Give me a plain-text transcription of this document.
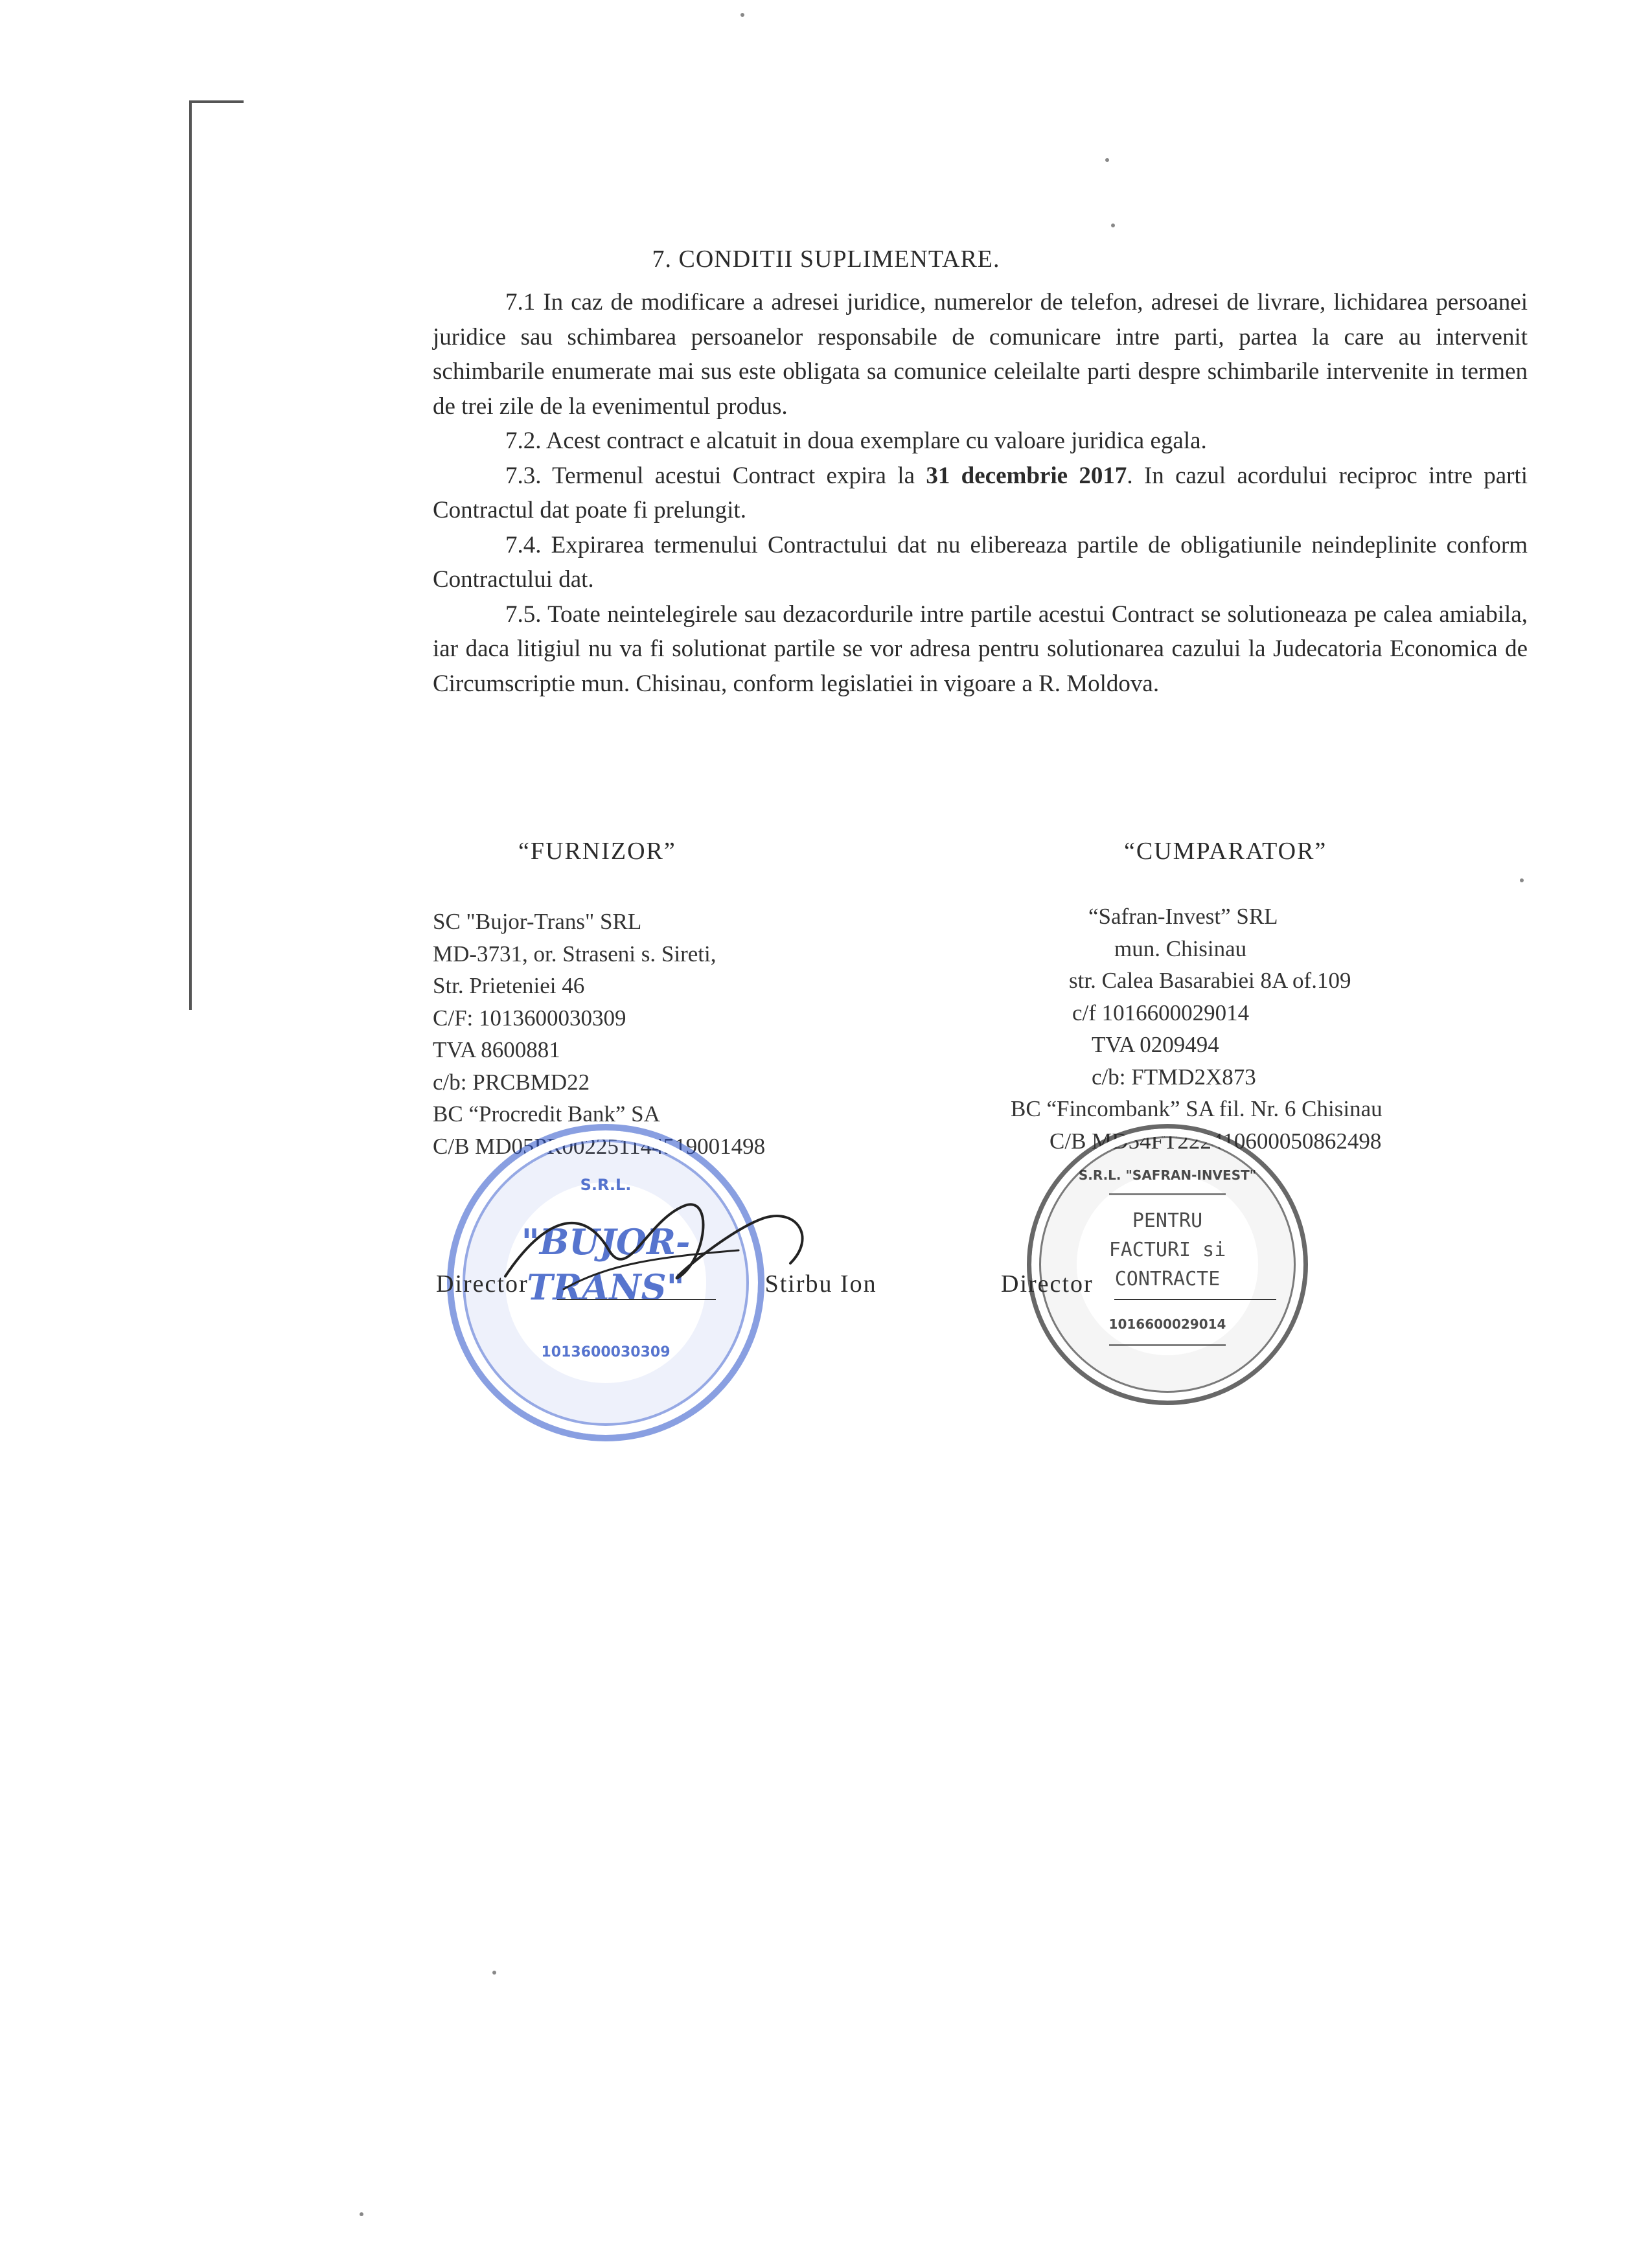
7. CONDITII SUPLIMENTARE.

7.1 In caz de modificare a adresei juridice, numerelor de telefon, adresei de livrare, lichidarea persoanei juridice sau schimbarea persoanelor responsabile de comunicare intre parti, partea la care au intervenit schimbarile enumerate mai sus este obligata sa comunice celeilalte parti despre schimbarile intervenite in termen de trei zile de la evenimentul produs.

7.2. Acest contract e alcatuit in doua exemplare cu valoare juridica egala.

7.3. Termenul acestui Contract expira la 31 decembrie 2017. In cazul acordului reciproc intre parti Contractul dat poate fi prelungit.

7.4. Expirarea termenului Contractului dat nu elibereaza partile de obligatiunile neindeplinite conform Contractului dat.

7.5. Toate neintelegirele sau dezacordurile intre partile acestui Contract se solutioneaza pe calea amiabila, iar daca litigiul nu va fi solutionat partile se vor adresa pentru solutionarea cazului la Judecatoria Economica de Circumscriptie mun. Chisinau, conform legislatiei in vigoare a R. Moldova.

“FURNIZOR”	“CUMPARATOR”
SC "Bujor-Trans" SRL
MD-3731, or. Straseni s. Sireti,
Str. Prieteniei 46
C/F: 1013600030309
TVA 8600881
c/b: PRCBMD22
BC “Procredit Bank” SA
C/B MD05PR002251144519001498
“Safran-Invest” SRL
mun. Chisinau
str. Calea Basarabiei 8A of.109
c/f 1016600029014
TVA 0209494
c/b: FTMD2X873
BC “Fincombank” SA fil. Nr. 6 Chisinau
C/B MD54FT222410600050862498
S.R.L.
"BUJOR-
TRANS"
1013600030309
S.R.L. "SAFRAN-INVEST"
PENTRU
FACTURI si
CONTRACTE
1016600029014
Director	Stirbu Ion	Director
